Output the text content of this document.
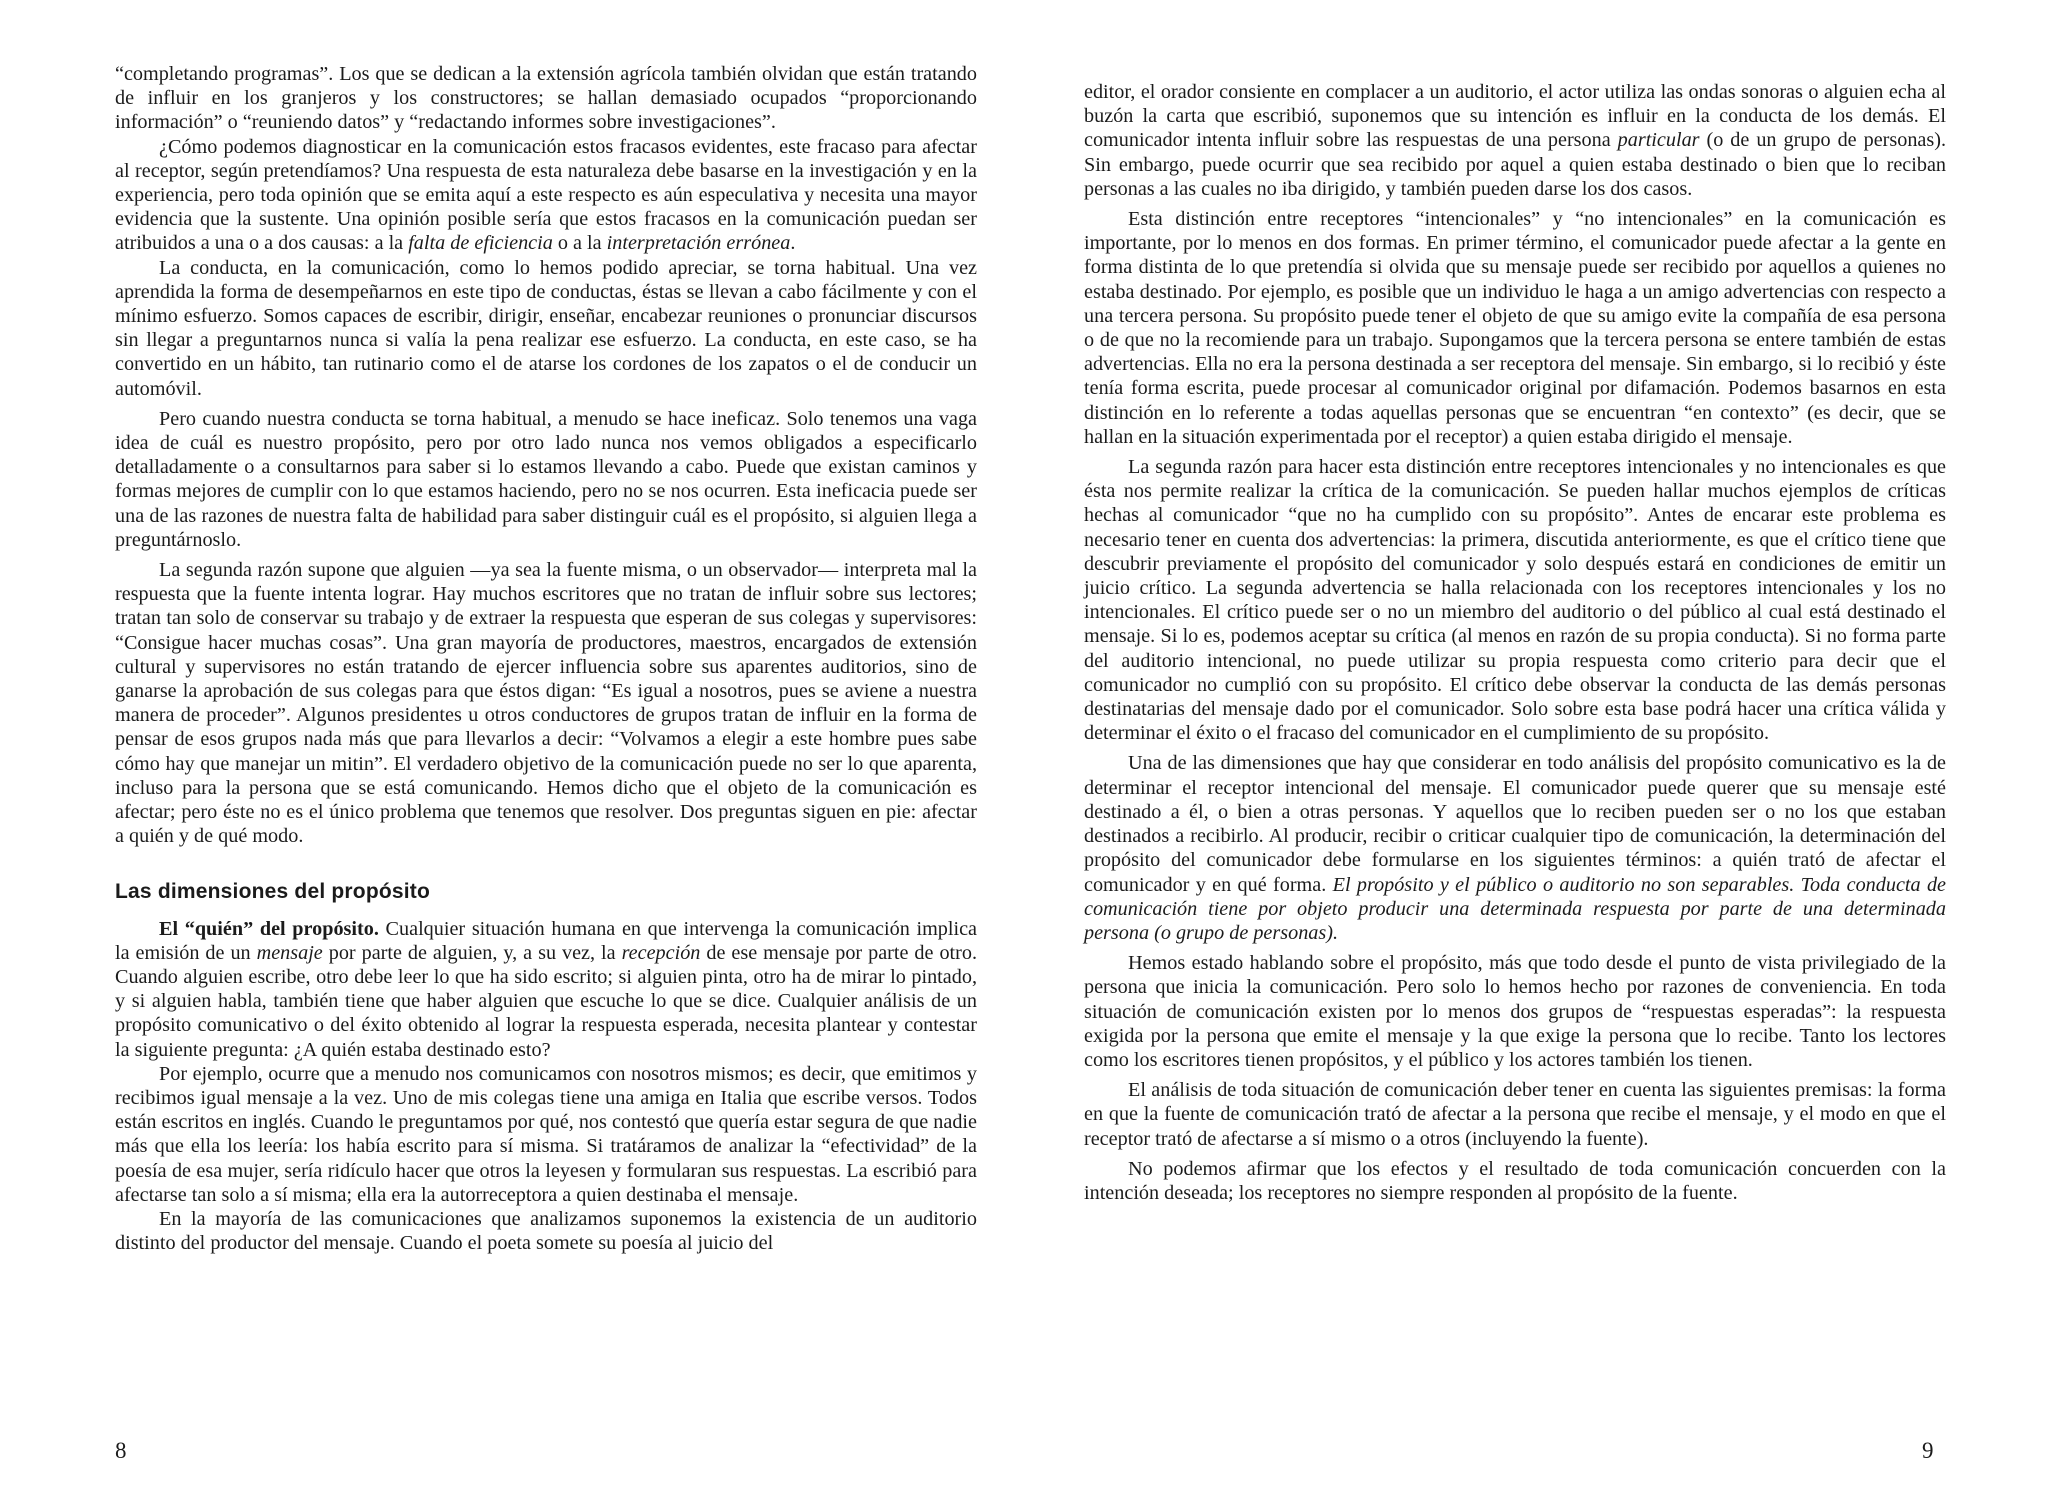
“completando programas”. Los que se dedican a la extensión agrícola también olvidan que están tratando de influir en los granjeros y los constructores; se hallan demasiado ocupados “proporcionando información” o “reuniendo datos” y “redactando informes sobre investigaciones”.

¿Cómo podemos diagnosticar en la comunicación estos fracasos evidentes, este fracaso para afectar al receptor, según pretendíamos? Una respuesta de esta naturaleza debe basarse en la investigación y en la experiencia, pero toda opinión que se emita aquí a este respecto es aún especulativa y necesita una mayor evidencia que la sustente. Una opinión posible sería que estos fracasos en la comunicación puedan ser atribuidos a una o a dos causas: a la falta de eficiencia o a la interpretación errónea.

La conducta, en la comunicación, como lo hemos podido apreciar, se torna habitual. Una vez aprendida la forma de desempeñarnos en este tipo de conductas, éstas se llevan a cabo fácilmente y con el mínimo esfuerzo. Somos capaces de escribir, dirigir, enseñar, encabezar reuniones o pronunciar discursos sin llegar a preguntarnos nunca si valía la pena realizar ese esfuerzo. La conducta, en este caso, se ha convertido en un hábito, tan rutinario como el de atarse los cordones de los zapatos o el de conducir un automóvil.

Pero cuando nuestra conducta se torna habitual, a menudo se hace ineficaz. Solo tenemos una vaga idea de cuál es nuestro propósito, pero por otro lado nunca nos vemos obligados a especificarlo detalladamente o a consultarnos para saber si lo estamos llevando a cabo. Puede que existan caminos y formas mejores de cumplir con lo que estamos haciendo, pero no se nos ocurren. Esta ineficacia puede ser una de las razones de nuestra falta de habilidad para saber distinguir cuál es el propósito, si alguien llega a preguntárnoslo.

La segunda razón supone que alguien —ya sea la fuente misma, o un observador— interpreta mal la respuesta que la fuente intenta lograr. Hay muchos escritores que no tratan de influir sobre sus lectores; tratan tan solo de conservar su trabajo y de extraer la respuesta que esperan de sus colegas y supervisores: “Consigue hacer muchas cosas”. Una gran mayoría de productores, maestros, encargados de extensión cultural y supervisores no están tratando de ejercer influencia sobre sus aparentes auditorios, sino de ganarse la aprobación de sus colegas para que éstos digan: “Es igual a nosotros, pues se aviene a nuestra manera de proceder”. Algunos presidentes u otros conductores de grupos tratan de influir en la forma de pensar de esos grupos nada más que para llevarlos a decir: “Volvamos a elegir a este hombre pues sabe cómo hay que manejar un mitin”. El verdadero objetivo de la comunicación puede no ser lo que aparenta, incluso para la persona que se está comunicando. Hemos dicho que el objeto de la comunicación es afectar; pero éste no es el único problema que tenemos que resolver. Dos preguntas siguen en pie: afectar a quién y de qué modo.

Las dimensiones del propósito

El “quién” del propósito. Cualquier situación humana en que intervenga la comunicación implica la emisión de un mensaje por parte de alguien, y, a su vez, la recepción de ese mensaje por parte de otro. Cuando alguien escribe, otro debe leer lo que ha sido escrito; si alguien pinta, otro ha de mirar lo pintado, y si alguien habla, también tiene que haber alguien que escuche lo que se dice. Cualquier análisis de un propósito comunicativo o del éxito obtenido al lograr la respuesta esperada, necesita plantear y contestar la siguiente pregunta: ¿A quién estaba destinado esto?

Por ejemplo, ocurre que a menudo nos comunicamos con nosotros mismos; es decir, que emitimos y recibimos igual mensaje a la vez. Uno de mis colegas tiene una amiga en Italia que escribe versos. Todos están escritos en inglés. Cuando le preguntamos por qué, nos contestó que quería estar segura de que nadie más que ella los leería: los había escrito para sí misma. Si tratáramos de analizar la “efectividad” de la poesía de esa mujer, sería ridículo hacer que otros la leyesen y formularan sus respuestas. La escribió para afectarse tan solo a sí misma; ella era la autorreceptora a quien destinaba el mensaje.

En la mayoría de las comunicaciones que analizamos suponemos la existencia de un auditorio distinto del productor del mensaje. Cuando el poeta somete su poesía al juicio del

8

editor, el orador consiente en complacer a un auditorio, el actor utiliza las ondas sonoras o alguien echa al buzón la carta que escribió, suponemos que su intención es influir en la conducta de los demás. El comunicador intenta influir sobre las respuestas de una persona particular (o de un grupo de personas). Sin embargo, puede ocurrir que sea recibido por aquel a quien estaba destinado o bien que lo reciban personas a las cuales no iba dirigido, y también pueden darse los dos casos.

Esta distinción entre receptores “intencionales” y “no intencionales” en la comunicación es importante, por lo menos en dos formas. En primer término, el comunicador puede afectar a la gente en forma distinta de lo que pretendía si olvida que su mensaje puede ser recibido por aquellos a quienes no estaba destinado. Por ejemplo, es posible que un individuo le haga a un amigo advertencias con respecto a una tercera persona. Su propósito puede tener el objeto de que su amigo evite la compañía de esa persona o de que no la recomiende para un trabajo. Supongamos que la tercera persona se entere también de estas advertencias. Ella no era la persona destinada a ser receptora del mensaje. Sin embargo, si lo recibió y éste tenía forma escrita, puede procesar al comunicador original por difamación. Podemos basarnos en esta distinción en lo referente a todas aquellas personas que se encuentran “en contexto” (es decir, que se hallan en la situación experimentada por el receptor) a quien estaba dirigido el mensaje.

La segunda razón para hacer esta distinción entre receptores intencionales y no intencionales es que ésta nos permite realizar la crítica de la comunicación. Se pueden hallar muchos ejemplos de críticas hechas al comunicador “que no ha cumplido con su propósito”. Antes de encarar este problema es necesario tener en cuenta dos advertencias: la primera, discutida anteriormente, es que el crítico tiene que descubrir previamente el propósito del comunicador y solo después estará en condiciones de emitir un juicio crítico. La segunda advertencia se halla relacionada con los receptores intencionales y los no intencionales. El crítico puede ser o no un miembro del auditorio o del público al cual está destinado el mensaje. Si lo es, podemos aceptar su crítica (al menos en razón de su propia conducta). Si no forma parte del auditorio intencional, no puede utilizar su propia respuesta como criterio para decir que el comunicador no cumplió con su propósito. El crítico debe observar la conducta de las demás personas destinatarias del mensaje dado por el comunicador. Solo sobre esta base podrá hacer una crítica válida y determinar el éxito o el fracaso del comunicador en el cumplimiento de su propósito.

Una de las dimensiones que hay que considerar en todo análisis del propósito comunicativo es la de determinar el receptor intencional del mensaje. El comunicador puede querer que su mensaje esté destinado a él, o bien a otras personas. Y aquellos que lo reciben pueden ser o no los que estaban destinados a recibirlo. Al producir, recibir o criticar cualquier tipo de comunicación, la determinación del propósito del comunicador debe formularse en los siguientes términos: a quién trató de afectar el comunicador y en qué forma. El propósito y el público o auditorio no son separables. Toda conducta de comunicación tiene por objeto producir una determinada respuesta por parte de una determinada persona (o grupo de personas).

Hemos estado hablando sobre el propósito, más que todo desde el punto de vista privilegiado de la persona que inicia la comunicación. Pero solo lo hemos hecho por razones de conveniencia. En toda situación de comunicación existen por lo menos dos grupos de “respuestas esperadas”: la respuesta exigida por la persona que emite el mensaje y la que exige la persona que lo recibe. Tanto los lectores como los escritores tienen propósitos, y el público y los actores también los tienen.

El análisis de toda situación de comunicación deber tener en cuenta las siguientes premisas: la forma en que la fuente de comunicación trató de afectar a la persona que recibe el mensaje, y el modo en que el receptor trató de afectarse a sí mismo o a otros (incluyendo la fuente).

No podemos afirmar que los efectos y el resultado de toda comunicación concuerden con la intención deseada; los receptores no siempre responden al propósito de la fuente.

9
